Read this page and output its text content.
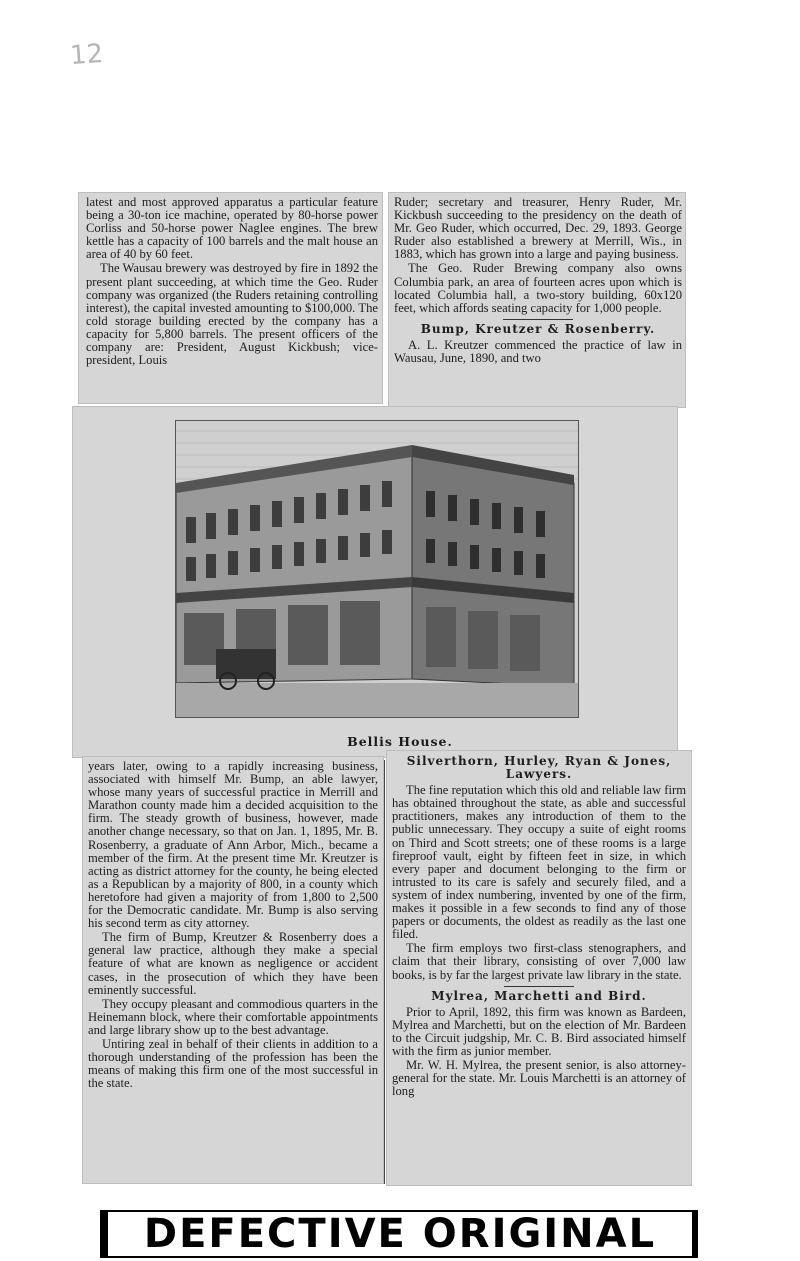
12

latest and most approved apparatus a particular feature being a 30-ton ice machine, operated by 80-horse power Corliss and 50-horse power Naglee engines. The brew kettle has a capacity of 100 barrels and the malt house an area of 40 by 60 feet.

The Wausau brewery was destroyed by fire in 1892 the present plant succeeding, at which time the Geo. Ruder company was organized (the Ruders retaining controlling interest), the capital invested amounting to $100,000. The cold storage building erected by the company has a capacity for 5,800 barrels. The present officers of the company are: President, August Kickbush; vice-president, Louis

Ruder; secretary and treasurer, Henry Ruder, Mr. Kickbush succeeding to the presidency on the death of Mr. Geo Ruder, which occurred, Dec. 29, 1893. George Ruder also established a brewery at Merrill, Wis., in 1883, which has grown into a large and paying business.

The Geo. Ruder Brewing company also owns Columbia park, an area of fourteen acres upon which is located Columbia hall, a two-story building, 60x120 feet, which affords seating capacity for 1,000 people.

Bump, Kreutzer & Rosenberry.

A. L. Kreutzer commenced the practice of law in Wausau, June, 1890, and two

Bellis House.

years later, owing to a rapidly increasing business, associated with himself Mr. Bump, an able lawyer, whose many years of successful practice in Merrill and Marathon county made him a decided acquisition to the firm. The steady growth of business, however, made another change necessary, so that on Jan. 1, 1895, Mr. B. Rosenberry, a graduate of Ann Arbor, Mich., became a member of the firm. At the present time Mr. Kreutzer is acting as district attorney for the county, he being elected as a Republican by a majority of 800, in a county which heretofore had given a majority of from 1,800 to 2,500 for the Democratic candidate. Mr. Bump is also serving his second term as city attorney.

The firm of Bump, Kreutzer & Rosenberry does a general law practice, although they make a special feature of what are known as negligence or accident cases, in the prosecution of which they have been eminently successful.

They occupy pleasant and commodious quarters in the Heinemann block, where their comfortable appointments and large library show up to the best advantage.

Untiring zeal in behalf of their clients in addition to a thorough understanding of the profession has been the means of making this firm one of the most successful in the state.

Silverthorn, Hurley, Ryan & Jones, Lawyers.

The fine reputation which this old and reliable law firm has obtained throughout the state, as able and successful practitioners, makes any introduction of them to the public unnecessary. They occupy a suite of eight rooms on Third and Scott streets; one of these rooms is a large fireproof vault, eight by fifteen feet in size, in which every paper and document belonging to the firm or intrusted to its care is safely and securely filed, and a system of index numbering, invented by one of the firm, makes it possible in a few seconds to find any of those papers or documents, the oldest as readily as the last one filed.

The firm employs two first-class stenographers, and claim that their library, consisting of over 7,000 law books, is by far the largest private law library in the state.

Mylrea, Marchetti and Bird.

Prior to April, 1892, this firm was known as Bardeen, Mylrea and Marchetti, but on the election of Mr. Bardeen to the Circuit judgship, Mr. C. B. Bird associated himself with the firm as junior member.

Mr. W. H. Mylrea, the present senior, is also attorney-general for the state. Mr. Louis Marchetti is an attorney of long

DEFECTIVE ORIGINAL
